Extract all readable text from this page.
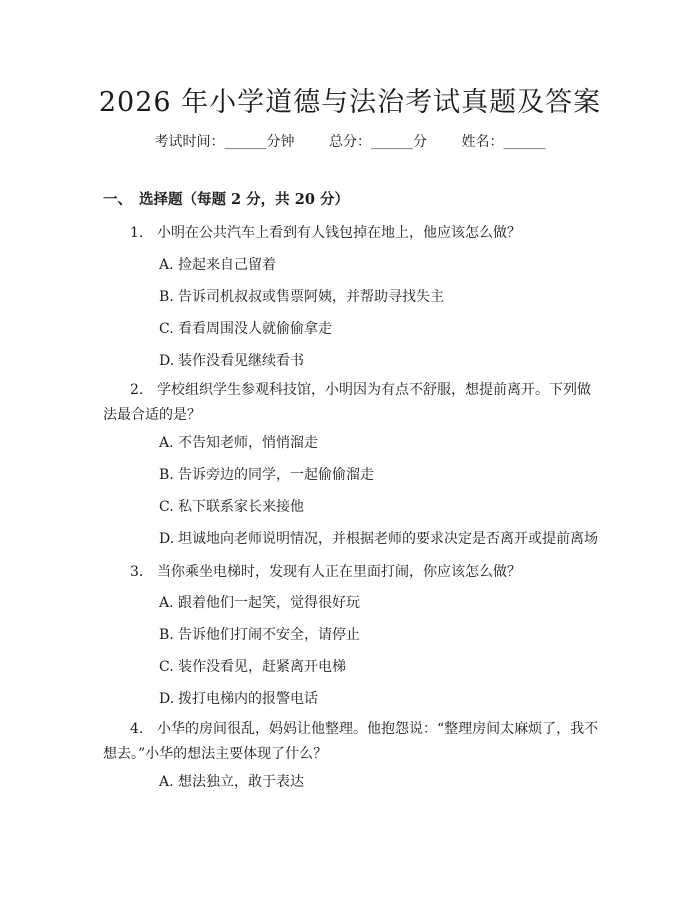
2026 年小学道德与法治考试真题及答案
考试时间：______分钟 总分：______分 姓名：______
一、 选择题（每题 2 分，共 20 分）
1. 小明在公共汽车上看到有人钱包掉在地上，他应该怎么做？
A. 捡起来自己留着
B. 告诉司机叔叔或售票阿姨，并帮助寻找失主
C. 看看周围没人就偷偷拿走
D. 装作没看见继续看书
2. 学校组织学生参观科技馆，小明因为有点不舒服，想提前离开。下列做法最合适的是？
A. 不告知老师，悄悄溜走
B. 告诉旁边的同学，一起偷偷溜走
C. 私下联系家长来接他
D. 坦诚地向老师说明情况，并根据老师的要求决定是否离开或提前离场
3. 当你乘坐电梯时，发现有人正在里面打闹，你应该怎么做？
A. 跟着他们一起笑，觉得很好玩
B. 告诉他们打闹不安全，请停止
C. 装作没看见，赶紧离开电梯
D. 拨打电梯内的报警电话
4. 小华的房间很乱，妈妈让他整理。他抱怨说：“整理房间太麻烦了，我不想去。”小华的想法主要体现了什么？
A. 想法独立，敢于表达
